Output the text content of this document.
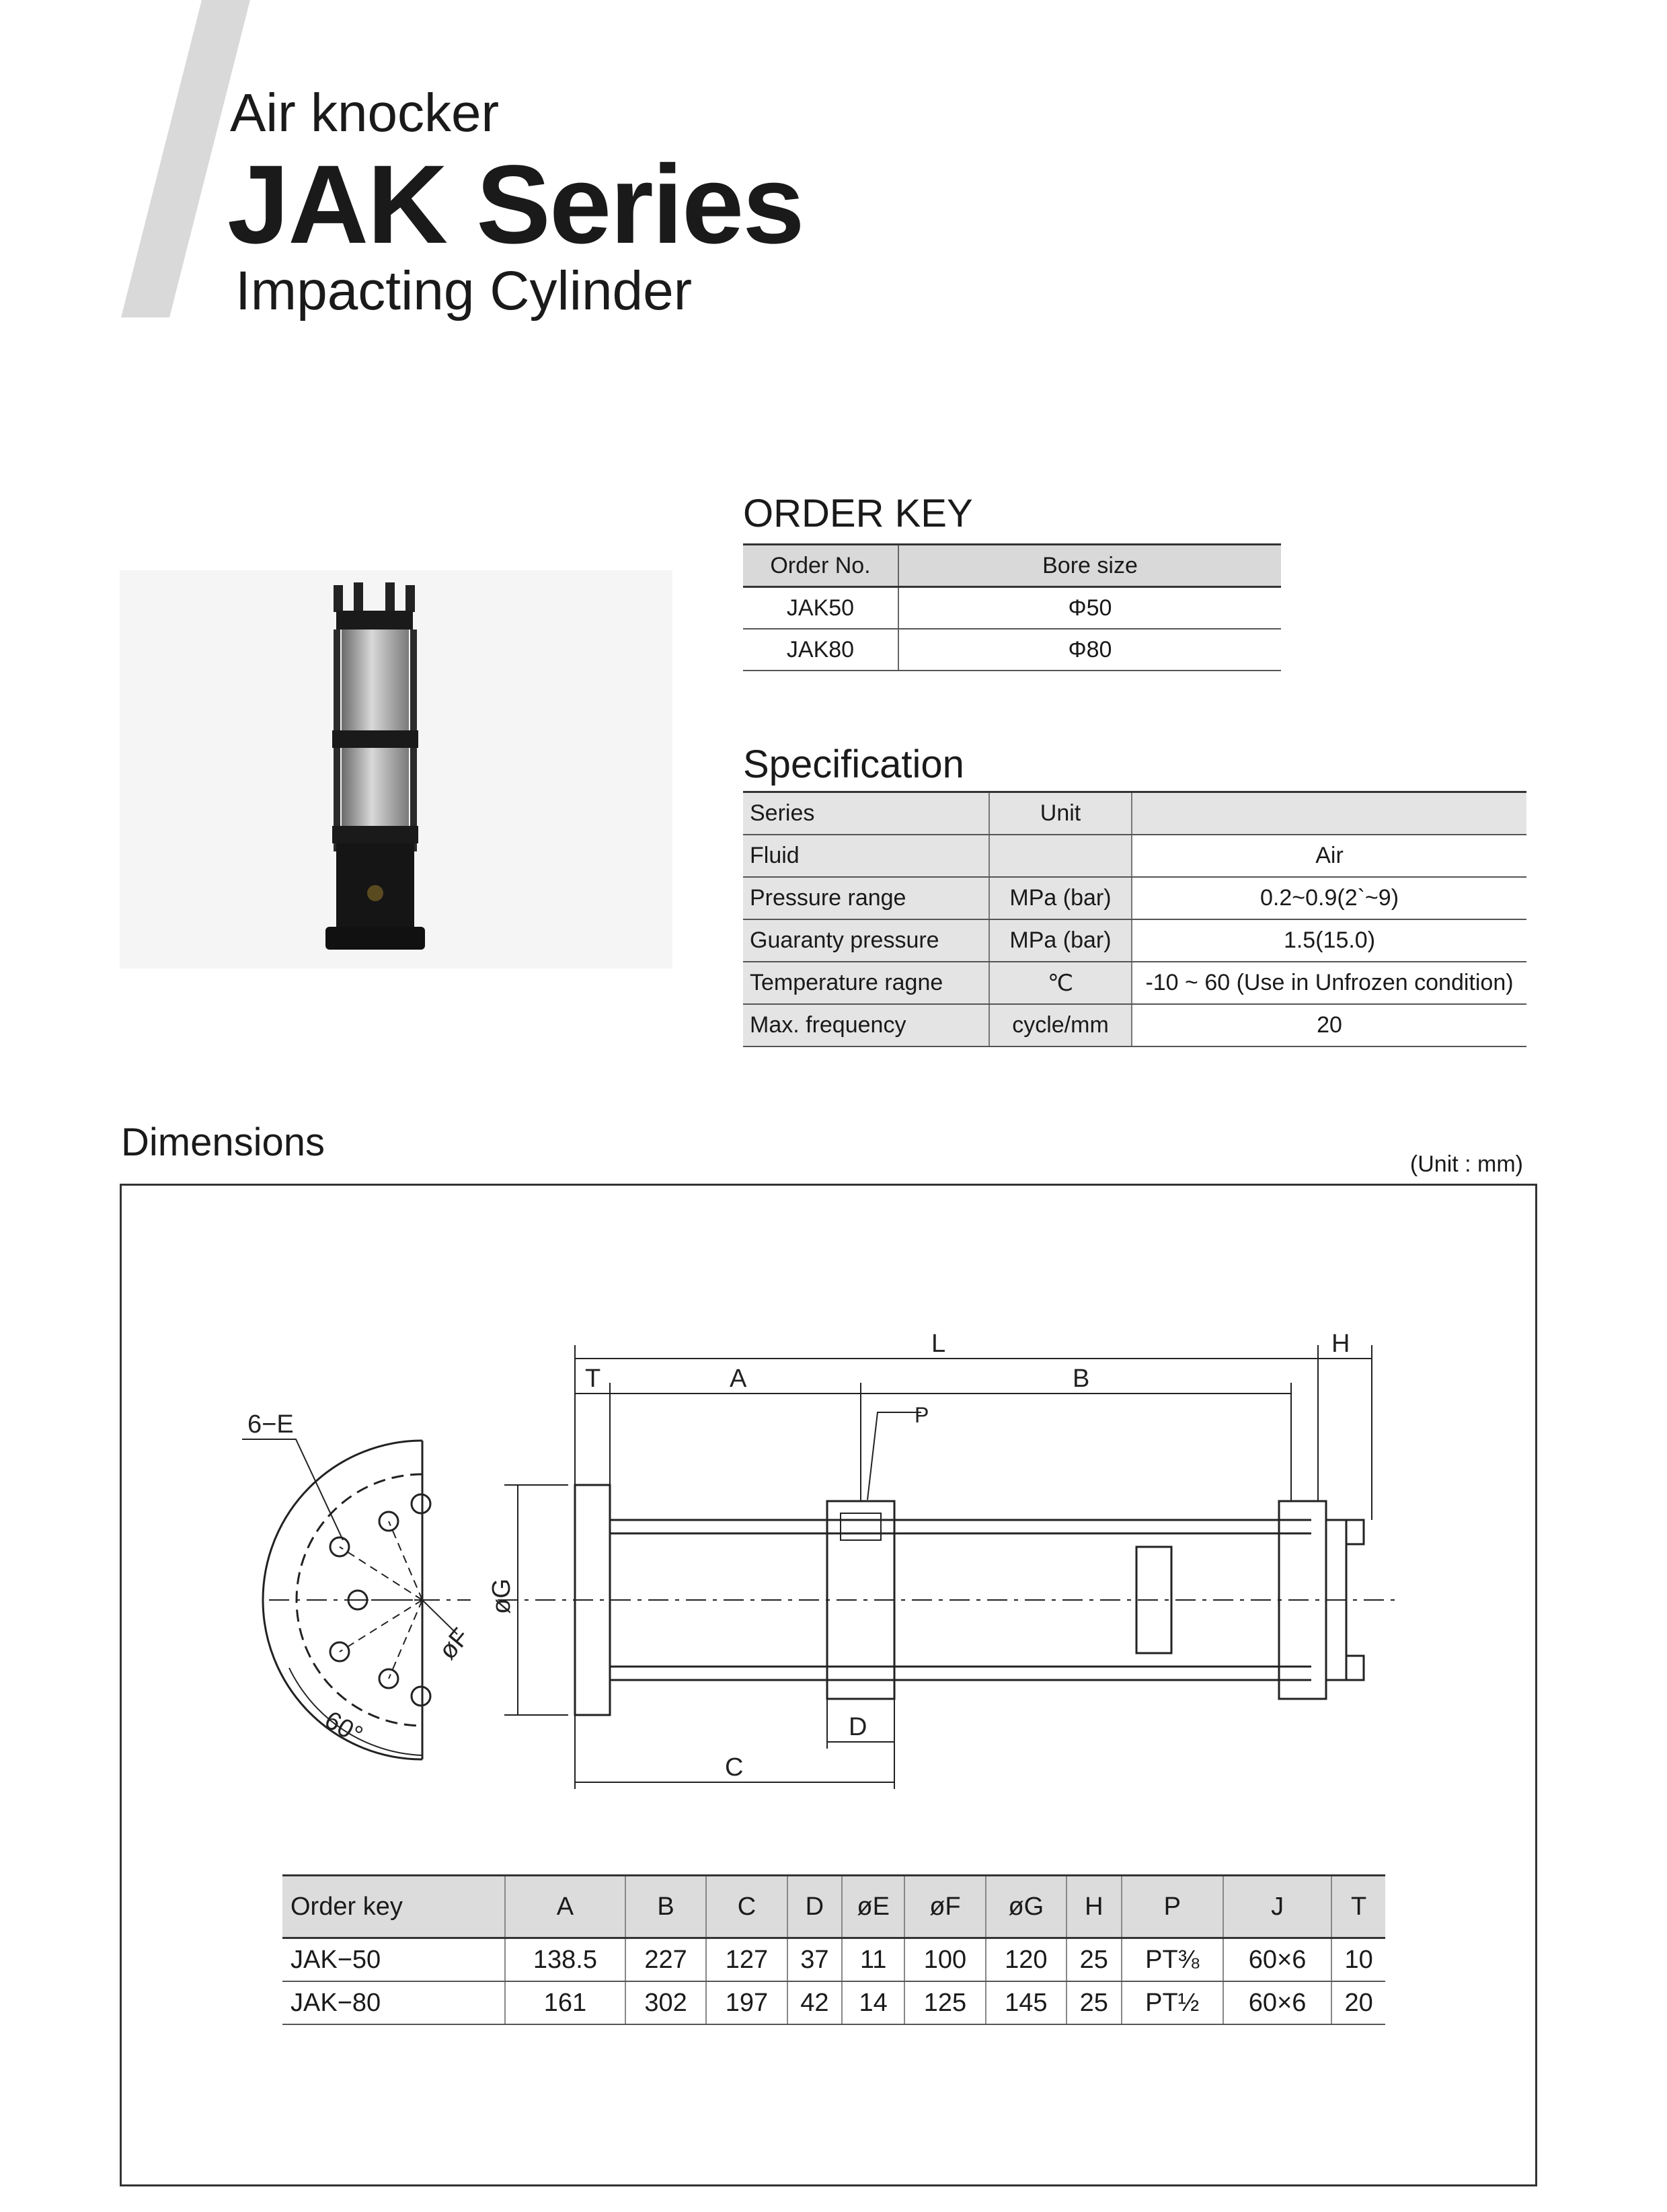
Air knocker
JAK Series
Impacting Cylinder
ORDER KEY
Order No.	Bore size
JAK50	Φ50
JAK80	Φ80
Specification
Series	Unit	
Fluid		Air
Pressure range	MPa (bar)	0.2~0.9(2`~9)
Guaranty pressure	MPa (bar)	1.5(15.0)
Temperature ragne	℃	-10 ~ 60 (Use in Unfrozen condition)
Max. frequency	cycle/mm	20
Dimensions	(Unit : mm)
6−E
øF
60°
øG
L	H
T	A	B
P
D
C
Order key	A	B	C	D	øE	øF	øG	H	P	J	T
JAK−50	138.5	227	127	37	11	100	120	25	PT⅜	60×6	10
JAK−80	161	302	197	42	14	125	145	25	PT½	60×6	20
